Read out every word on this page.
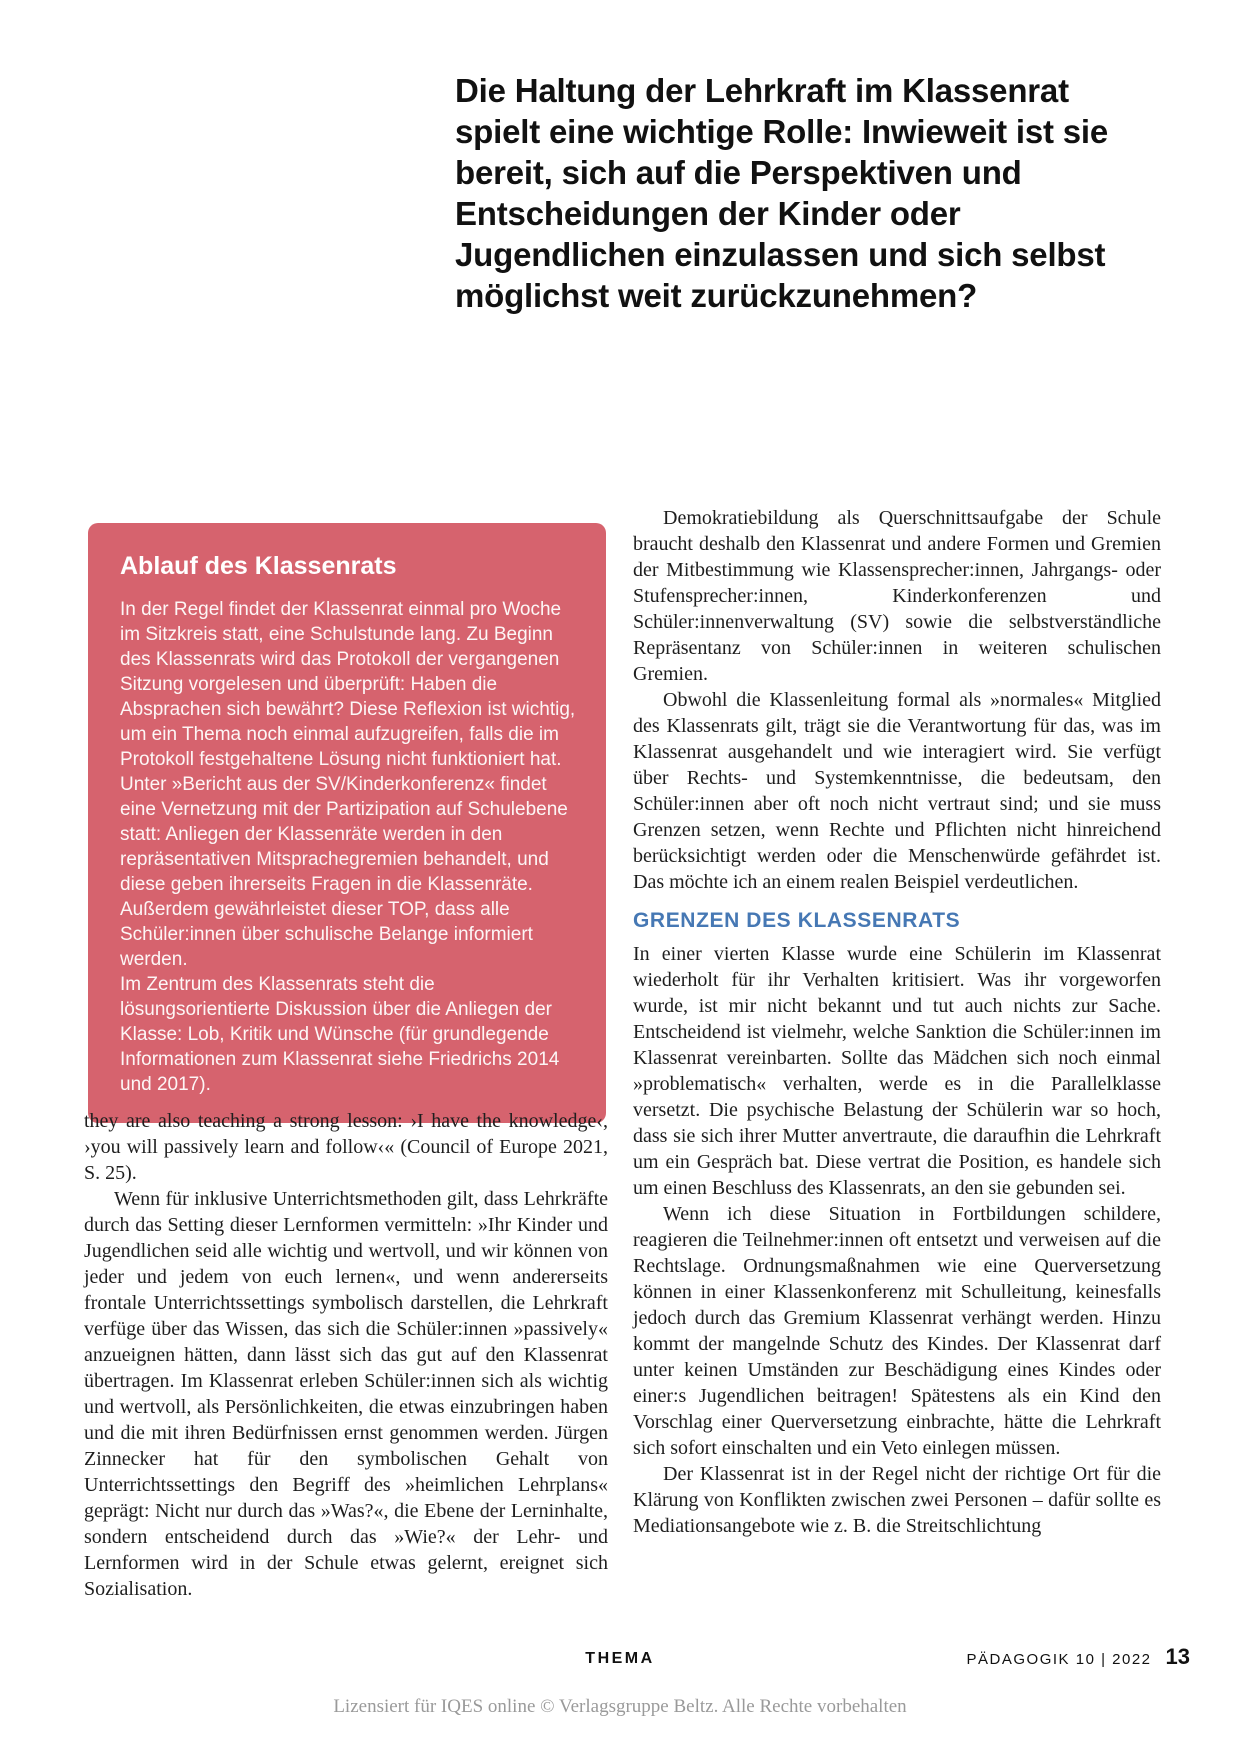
Die Haltung der Lehrkraft im Klassenrat spielt eine wichtige Rolle: Inwieweit ist sie bereit, sich auf die Perspektiven und Entscheidungen der Kinder oder Jugendlichen einzulassen und sich selbst möglichst weit zurückzunehmen?
Ablauf des Klassenrats

In der Regel findet der Klassenrat einmal pro Woche im Sitzkreis statt, eine Schulstunde lang. Zu Beginn des Klassenrats wird das Protokoll der vergangenen Sitzung vorgelesen und überprüft: Haben die Absprachen sich bewährt? Diese Reflexion ist wichtig, um ein Thema noch einmal aufzugreifen, falls die im Protokoll festgehaltene Lösung nicht funktioniert hat.

Unter »Bericht aus der SV/Kinderkonferenz« findet eine Vernetzung mit der Partizipation auf Schulebene statt: Anliegen der Klassenräte werden in den repräsentativen Mitsprachegremien behandelt, und diese geben ihrerseits Fragen in die Klassenräte. Außerdem gewährleistet dieser TOP, dass alle Schüler:innen über schulische Belange informiert werden.

Im Zentrum des Klassenrats steht die lösungsorientierte Diskussion über die Anliegen der Klasse: Lob, Kritik und Wünsche (für grundlegende Informationen zum Klassenrat siehe Friedrichs 2014 und 2017).

they are also teaching a strong lesson: ›I have the knowledge‹, ›you will passively learn and follow‹« (Council of Europe 2021, S. 25).

Wenn für inklusive Unterrichtsmethoden gilt, dass Lehrkräfte durch das Setting dieser Lernformen vermitteln: »Ihr Kinder und Jugendlichen seid alle wichtig und wertvoll, und wir können von jeder und jedem von euch lernen«, und wenn andererseits frontale Unterrichtssettings symbolisch darstellen, die Lehrkraft verfüge über das Wissen, das sich die Schüler:innen »passively« anzueignen hätten, dann lässt sich das gut auf den Klassenrat übertragen. Im Klassenrat erleben Schüler:innen sich als wichtig und wertvoll, als Persönlichkeiten, die etwas einzubringen haben und die mit ihren Bedürfnissen ernst genommen werden. Jürgen Zinnecker hat für den symbolischen Gehalt von Unterrichtssettings den Begriff des »heimlichen Lehrplans« geprägt: Nicht nur durch das »Was?«, die Ebene der Lerninhalte, sondern entscheidend durch das »Wie?« der Lehr- und Lernformen wird in der Schule etwas gelernt, ereignet sich Sozialisation.

Demokratiebildung als Querschnittsaufgabe der Schule braucht deshalb den Klassenrat und andere Formen und Gremien der Mitbestimmung wie Klassensprecher:innen, Jahrgangs- oder Stufensprecher:innen, Kinderkonferenzen und Schüler:innenverwaltung (SV) sowie die selbstverständliche Repräsentanz von Schüler:innen in weiteren schulischen Gremien.

Obwohl die Klassenleitung formal als »normales« Mitglied des Klassenrats gilt, trägt sie die Verantwortung für das, was im Klassenrat ausgehandelt und wie interagiert wird. Sie verfügt über Rechts- und Systemkenntnisse, die bedeutsam, den Schüler:innen aber oft noch nicht vertraut sind; und sie muss Grenzen setzen, wenn Rechte und Pflichten nicht hinreichend berücksichtigt werden oder die Menschenwürde gefährdet ist. Das möchte ich an einem realen Beispiel verdeutlichen.

GRENZEN DES KLASSENRATS

In einer vierten Klasse wurde eine Schülerin im Klassenrat wiederholt für ihr Verhalten kritisiert. Was ihr vorgeworfen wurde, ist mir nicht bekannt und tut auch nichts zur Sache. Entscheidend ist vielmehr, welche Sanktion die Schüler:innen im Klassenrat vereinbarten. Sollte das Mädchen sich noch einmal »problematisch« verhalten, werde es in die Parallelklasse versetzt. Die psychische Belastung der Schülerin war so hoch, dass sie sich ihrer Mutter anvertraute, die daraufhin die Lehrkraft um ein Gespräch bat. Diese vertrat die Position, es handele sich um einen Beschluss des Klassenrats, an den sie gebunden sei.

Wenn ich diese Situation in Fortbildungen schildere, reagieren die Teilnehmer:innen oft entsetzt und verweisen auf die Rechtslage. Ordnungsmaßnahmen wie eine Querversetzung können in einer Klassenkonferenz mit Schulleitung, keinesfalls jedoch durch das Gremium Klassenrat verhängt werden. Hinzu kommt der mangelnde Schutz des Kindes. Der Klassenrat darf unter keinen Umständen zur Beschädigung eines Kindes oder einer:s Jugendlichen beitragen! Spätestens als ein Kind den Vorschlag einer Querversetzung einbrachte, hätte die Lehrkraft sich sofort einschalten und ein Veto einlegen müssen.

Der Klassenrat ist in der Regel nicht der richtige Ort für die Klärung von Konflikten zwischen zwei Personen – dafür sollte es Mediationsangebote wie z. B. die Streitschlichtung

THEMA	PÄDAGOGIK 10 | 2022 13
Lizensiert für IQES online © Verlagsgruppe Beltz. Alle Rechte vorbehalten
